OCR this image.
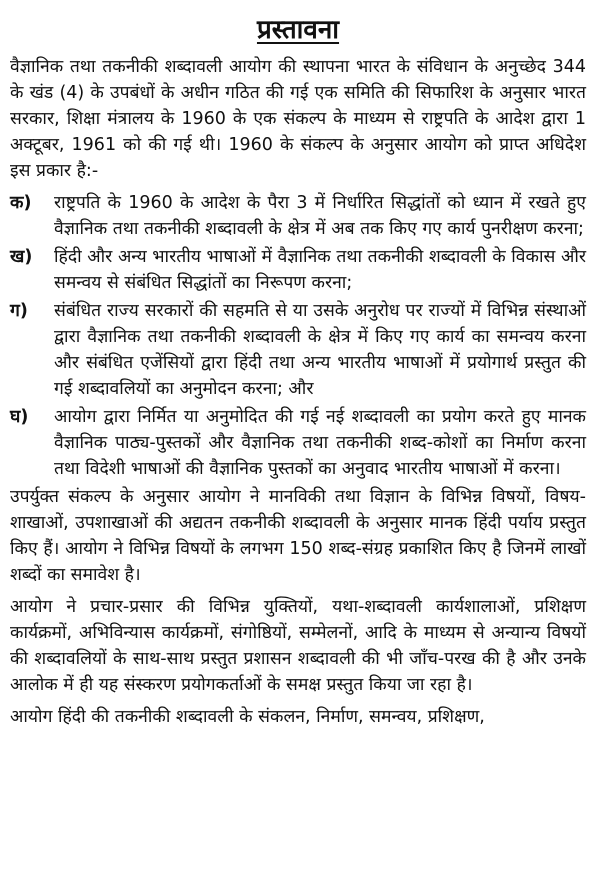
प्रस्तावना

वैज्ञानिक तथा तकनीकी शब्दावली आयोग की स्थापना भारत के संविधान के अनुच्छेद 344 के खंड (4) के उपबंधों के अधीन गठित की गई एक समिति की सिफारिश के अनुसार भारत सरकार, शिक्षा मंत्रालय के 1960 के एक संकल्प के माध्यम से राष्ट्रपति के आदेश द्वारा 1 अक्टूबर, 1961 को की गई थी। 1960 के संकल्प के अनुसार आयोग को प्राप्त अधिदेश इस प्रकार है:-

क)	राष्ट्रपति के 1960 के आदेश के पैरा 3 में निर्धारित सिद्धांतों को ध्यान में रखते हुए वैज्ञानिक तथा तकनीकी शब्दावली के क्षेत्र में अब तक किए गए कार्य पुनरीक्षण करना;
ख)	हिंदी और अन्य भारतीय भाषाओं में वैज्ञानिक तथा तकनीकी शब्दावली के विकास और समन्वय से संबंधित सिद्धांतों का निरूपण करना;
ग)	संबंधित राज्य सरकारों की सहमति से या उसके अनुरोध पर राज्यों में विभिन्न संस्थाओं द्वारा वैज्ञानिक तथा तकनीकी शब्दावली के क्षेत्र में किए गए कार्य का समन्वय करना और संबंधित एजेंसियों द्वारा हिंदी तथा अन्य भारतीय भाषाओं में प्रयोगार्थ प्रस्तुत की गई शब्दावलियों का अनुमोदन करना; और
घ)	आयोग द्वारा निर्मित या अनुमोदित की गई नई शब्दावली का प्रयोग करते हुए मानक वैज्ञानिक पाठ्य-पुस्तकों और वैज्ञानिक तथा तकनीकी शब्द-कोशों का निर्माण करना तथा विदेशी भाषाओं की वैज्ञानिक पुस्तकों का अनुवाद भारतीय भाषाओं में करना।

उपर्युक्त संकल्प के अनुसार आयोग ने मानविकी तथा विज्ञान के विभिन्न विषयों, विषय-शाखाओं, उपशाखाओं की अद्यतन तकनीकी शब्दावली के अनुसार मानक हिंदी पर्याय प्रस्तुत किए हैं। आयोग ने विभिन्न विषयों के लगभग 150 शब्द-संग्रह प्रकाशित किए है जिनमें लाखों शब्दों का समावेश है।

आयोग ने प्रचार-प्रसार की विभिन्न युक्तियों, यथा-शब्दावली कार्यशालाओं, प्रशिक्षण कार्यक्रमों, अभिविन्यास कार्यक्रमों, संगोष्ठियों, सम्मेलनों, आदि के माध्यम से अन्यान्य विषयों की शब्दावलियों के साथ-साथ प्रस्तुत प्रशासन शब्दावली की भी जाँच-परख की है और उनके आलोक में ही यह संस्करण प्रयोगकर्ताओं के समक्ष प्रस्तुत किया जा रहा है।

आयोग हिंदी की तकनीकी शब्दावली के संकलन, निर्माण, समन्वय, प्रशिक्षण,
